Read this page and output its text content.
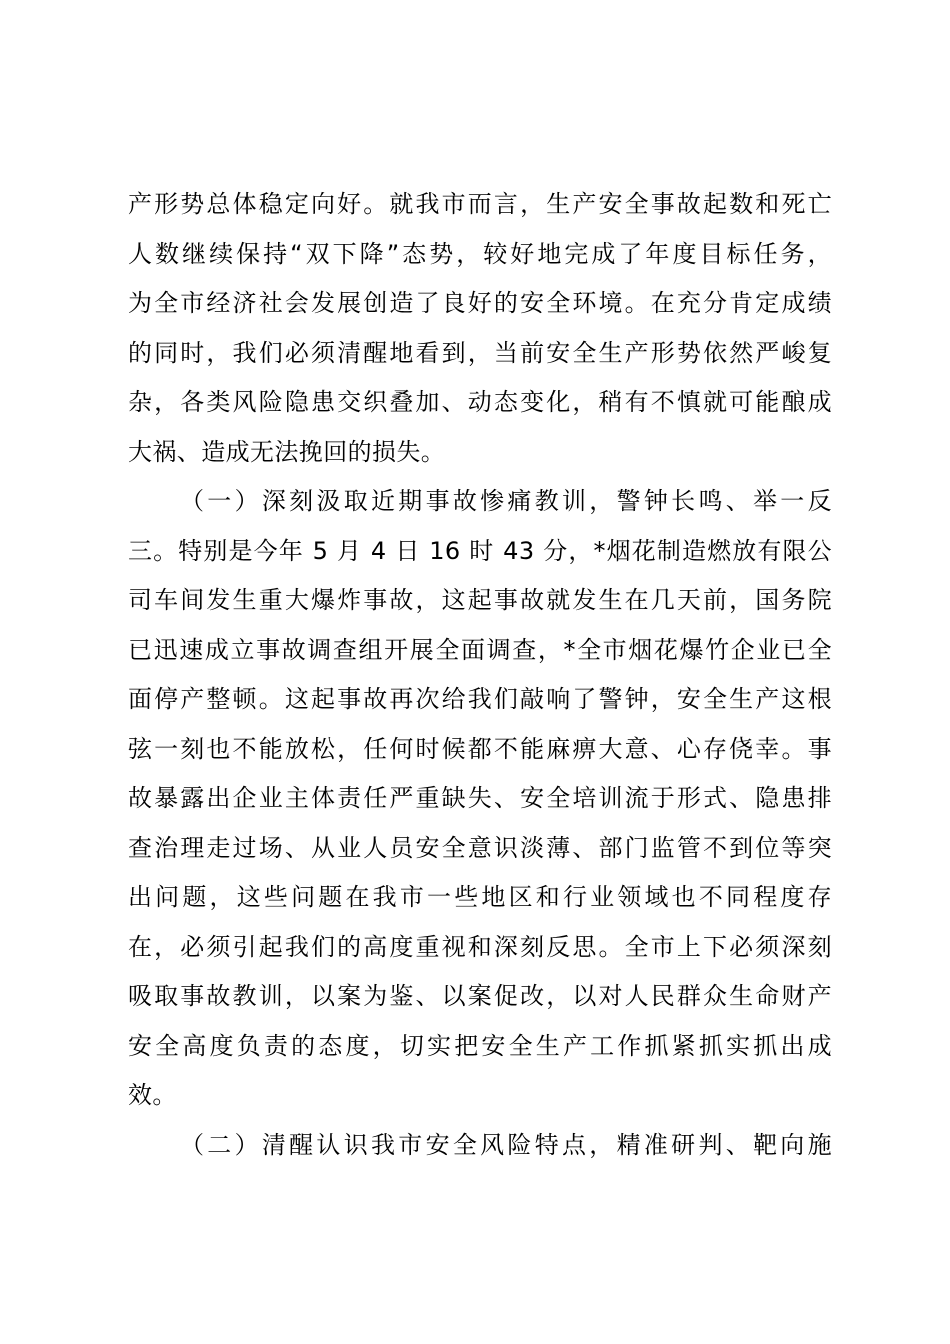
产形势总体稳定向好。就我市而言，生产安全事故起数和死亡
人数继续保持“双下降”态势，较好地完成了年度目标任务，
为全市经济社会发展创造了良好的安全环境。在充分肯定成绩
的同时，我们必须清醒地看到，当前安全生产形势依然严峻复
杂，各类风险隐患交织叠加、动态变化，稍有不慎就可能酿成
大祸、造成无法挽回的损失。
（一）深刻汲取近期事故惨痛教训，警钟长鸣、举一反
三。特别是今年 5 月 4 日 16 时 43 分，*烟花制造燃放有限公
司车间发生重大爆炸事故，这起事故就发生在几天前，国务院
已迅速成立事故调查组开展全面调查，*全市烟花爆竹企业已全
面停产整顿。这起事故再次给我们敲响了警钟，安全生产这根
弦一刻也不能放松，任何时候都不能麻痹大意、心存侥幸。事
故暴露出企业主体责任严重缺失、安全培训流于形式、隐患排
查治理走过场、从业人员安全意识淡薄、部门监管不到位等突
出问题，这些问题在我市一些地区和行业领域也不同程度存
在，必须引起我们的高度重视和深刻反思。全市上下必须深刻
吸取事故教训，以案为鉴、以案促改，以对人民群众生命财产
安全高度负责的态度，切实把安全生产工作抓紧抓实抓出成
效。
（二）清醒认识我市安全风险特点，精准研判、靶向施
